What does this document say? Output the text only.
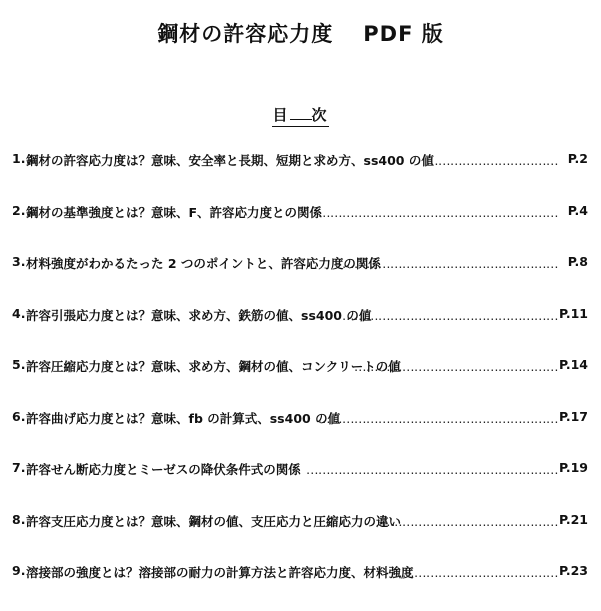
鋼材の許容応力度 PDF 版
目 次
1. 鋼材の許容応力度は？意味、安全率と長期、短期と求め方、ss400 の値
…………………………… P.2
2. 鋼材の基準強度とは？意味、F、許容応力度との関係
…………………………………………………… P.4
3. 材料強度がわかるたった 2 つのポイントと、許容応力度の関係
……………………………………………… P.8
4. 許容引張応力度とは？意味、求め方、鉄筋の値、ss400 の値
……………………………………………… P.11
5. 許容圧縮応力度とは？意味、求め方、鋼材の値、コンクリートの値
…………………………………………… P.14
6. 許容曲げ応力度とは？意味、fb の計算式、ss400 の値
…………………………………………………… P.17
7. 許容せん断応力度とミーゼスの降伏条件式の関係 ……………………………………………………… P.19
8. 許容支圧応力度とは？意味、鋼材の値、支圧応力と圧縮応力の違い
……………………………………… P.21
9. 溶接部の強度とは？溶接部の耐力の計算方法と許容応力度、材料強度
…………………………………… P.23
